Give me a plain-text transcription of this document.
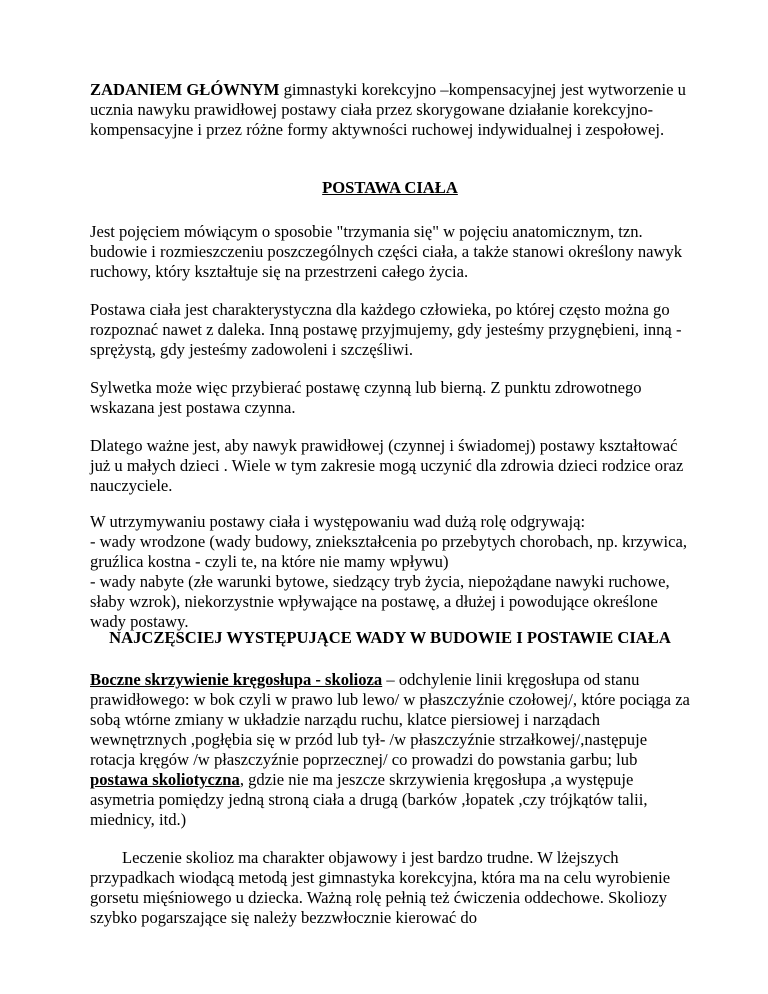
ZADANIEM GŁÓWNYM gimnastyki korekcyjno –kompensacyjnej jest wytworzenie u ucznia nawyku prawidłowej postawy ciała przez skorygowane działanie korekcyjno-kompensacyjne i przez różne formy aktywności ruchowej indywidualnej i zespołowej.

POSTAWA CIAŁA

Jest pojęciem mówiącym o sposobie "trzymania się" w pojęciu anatomicznym, tzn. budowie i rozmieszczeniu poszczególnych części ciała, a także stanowi określony nawyk ruchowy, który kształtuje się na przestrzeni całego życia.

Postawa ciała jest charakterystyczna dla każdego człowieka, po której często można go rozpoznać nawet z daleka. Inną postawę przyjmujemy, gdy jesteśmy przygnębieni, inną - sprężystą, gdy jesteśmy zadowoleni i szczęśliwi.

Sylwetka może więc przybierać postawę czynną lub bierną. Z punktu zdrowotnego wskazana jest postawa czynna.

Dlatego ważne jest, aby nawyk prawidłowej (czynnej i świadomej) postawy kształtować już u małych dzieci . Wiele w tym zakresie mogą uczynić dla zdrowia dzieci rodzice oraz nauczyciele.

W utrzymywaniu postawy ciała i występowaniu wad dużą rolę odgrywają:
- wady wrodzone (wady budowy, zniekształcenia po przebytych chorobach, np. krzywica, gruźlica kostna - czyli te, na które nie mamy wpływu)
- wady nabyte (złe warunki bytowe, siedzący tryb życia, niepożądane nawyki ruchowe, słaby wzrok), niekorzystnie wpływające na postawę, a dłużej i powodujące określone wady postawy.

NAJCZĘSCIEJ WYSTĘPUJĄCE WADY W BUDOWIE I POSTAWIE CIAŁA

Boczne skrzywienie kręgosłupa - skolioza – odchylenie linii kręgosłupa od stanu prawidłowego: w bok czyli w prawo lub lewo/ w płaszczyźnie czołowej/, które pociąga za sobą wtórne zmiany w układzie narządu ruchu, klatce piersiowej i narządach wewnętrznych ,pogłębia się w przód lub tył- /w płaszczyźnie strzałkowej/,następuje rotacja kręgów /w płaszczyźnie poprzecznej/ co prowadzi do powstania garbu; lub postawa skoliotyczna, gdzie nie ma jeszcze skrzywienia kręgosłupa ,a występuje asymetria pomiędzy jedną stroną ciała a drugą (barków ,łopatek ,czy trójkątów talii, miednicy, itd.)

Leczenie skolioz ma charakter objawowy i jest bardzo trudne. W lżejszych przypadkach wiodącą metodą jest gimnastyka korekcyjna, która ma na celu wyrobienie gorsetu mięśniowego u dziecka. Ważną rolę pełnią też ćwiczenia oddechowe. Skoliozy szybko pogarszające się należy bezzwłocznie kierować do
